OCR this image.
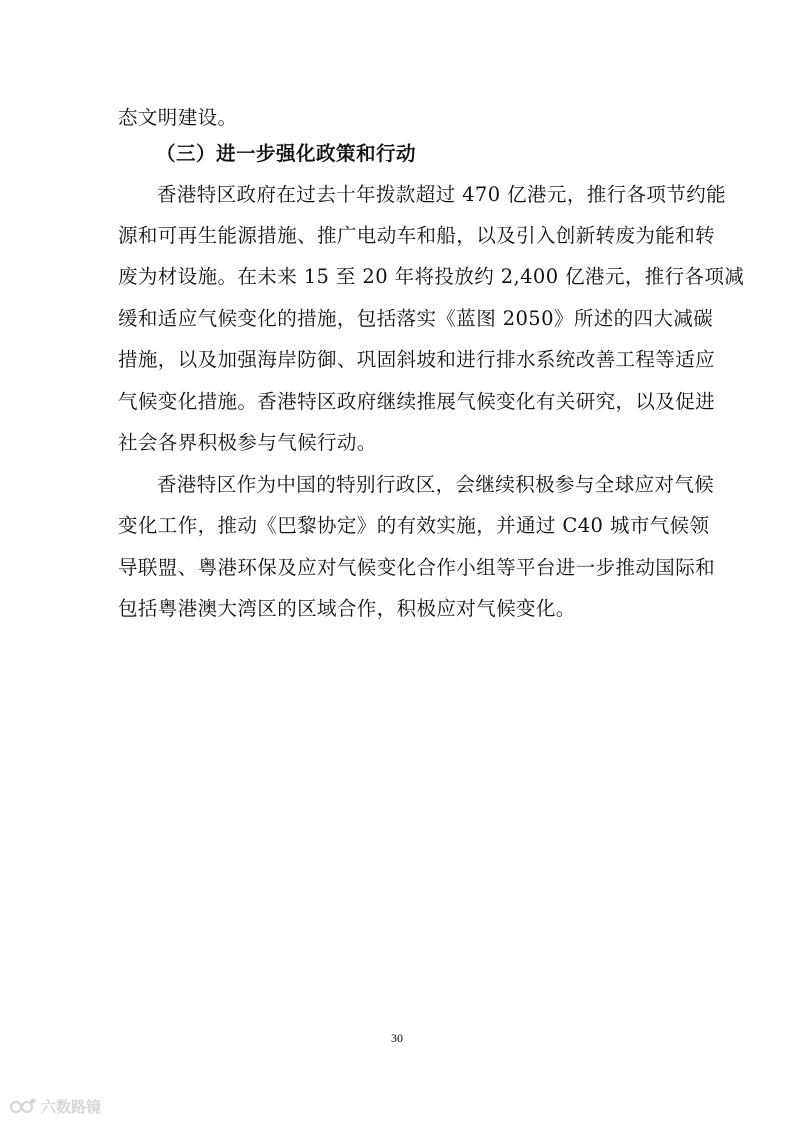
态文明建设。
（三）进一步强化政策和行动
香港特区政府在过去十年拨款超过 470 亿港元，推行各项节约能
源和可再生能源措施、推广电动车和船，以及引入创新转废为能和转
废为材设施。在未来 15 至 20 年将投放约 2,400 亿港元，推行各项减
缓和适应气候变化的措施，包括落实《蓝图 2050》所述的四大减碳
措施，以及加强海岸防御、巩固斜坡和进行排水系统改善工程等适应
气候变化措施。香港特区政府继续推展气候变化有关研究，以及促进
社会各界积极参与气候行动。
香港特区作为中国的特别行政区，会继续积极参与全球应对气候
变化工作，推动《巴黎协定》的有效实施，并通过 C40 城市气候领
导联盟、粤港环保及应对气候变化合作小组等平台进一步推动国际和
包括粤港澳大湾区的区域合作，积极应对气候变化。
30
六数路镜
